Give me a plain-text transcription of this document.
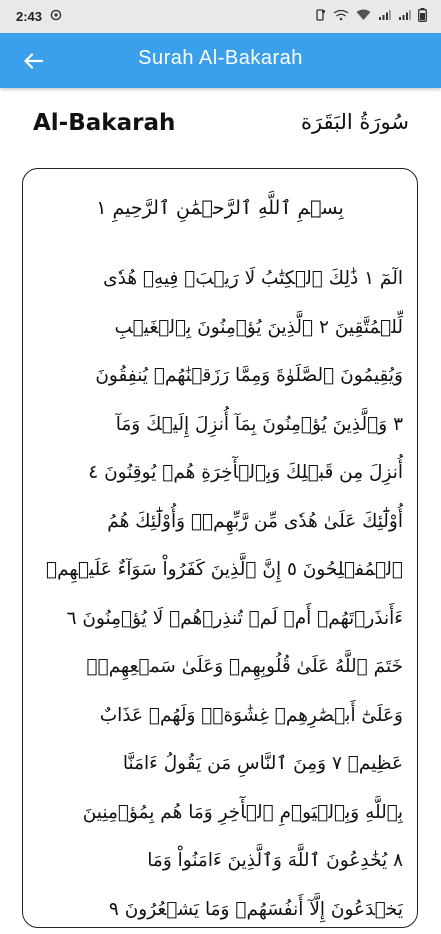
2:43
Surah Al-Bakarah
Al-Bakarah	سُورَةُ البَقَرَة
بِسۡمِ ٱللَّهِ ٱلرَّحۡمَٰنِ ٱلرَّحِيمِ ١
الٓمٓ ١ ذَٰلِكَ ٱلۡكِتَٰبُ لَا رَيۡبَۛ فِيهِۛ هُدٗى
لِّلۡمُتَّقِينَ ٢ ٱلَّذِينَ يُؤۡمِنُونَ بِٱلۡغَيۡبِ
وَيُقِيمُونَ ٱلصَّلَوٰةَ وَمِمَّا رَزَقۡنَٰهُمۡ يُنفِقُونَ
٣ وَٱلَّذِينَ يُؤۡمِنُونَ بِمَآ أُنزِلَ إِلَيۡكَ وَمَآ
أُنزِلَ مِن قَبۡلِكَ وَبِٱلۡأٓخِرَةِ هُمۡ يُوقِنُونَ ٤
أُوْلَٰٓئِكَ عَلَىٰ هُدٗى مِّن رَّبِّهِمۡۖ وَأُوْلَٰٓئِكَ هُمُ
ٱلۡمُفۡلِحُونَ ٥ إِنَّ ٱلَّذِينَ كَفَرُواْ سَوَآءٌ عَلَيۡهِمۡ
ءَأَنذَرۡتَهُمۡ أَمۡ لَمۡ تُنذِرۡهُمۡ لَا يُؤۡمِنُونَ ٦
خَتَمَ ٱللَّهُ عَلَىٰ قُلُوبِهِمۡ وَعَلَىٰ سَمۡعِهِمۡۖ
وَعَلَىٰٓ أَبۡصَٰرِهِمۡ غِشَٰوَةٞۖ وَلَهُمۡ عَذَابٌ
عَظِيمٞ ٧ وَمِنَ ٱلنَّاسِ مَن يَقُولُ ءَامَنَّا
بِٱللَّهِ وَبِٱلۡيَوۡمِ ٱلۡأٓخِرِ وَمَا هُم بِمُؤۡمِنِينَ
٨ يُخَٰدِعُونَ ٱللَّهَ وَٱلَّذِينَ ءَامَنُواْ وَمَا
يَخۡدَعُونَ إِلَّآ أَنفُسَهُمۡ وَمَا يَشۡعُرُونَ ٩
